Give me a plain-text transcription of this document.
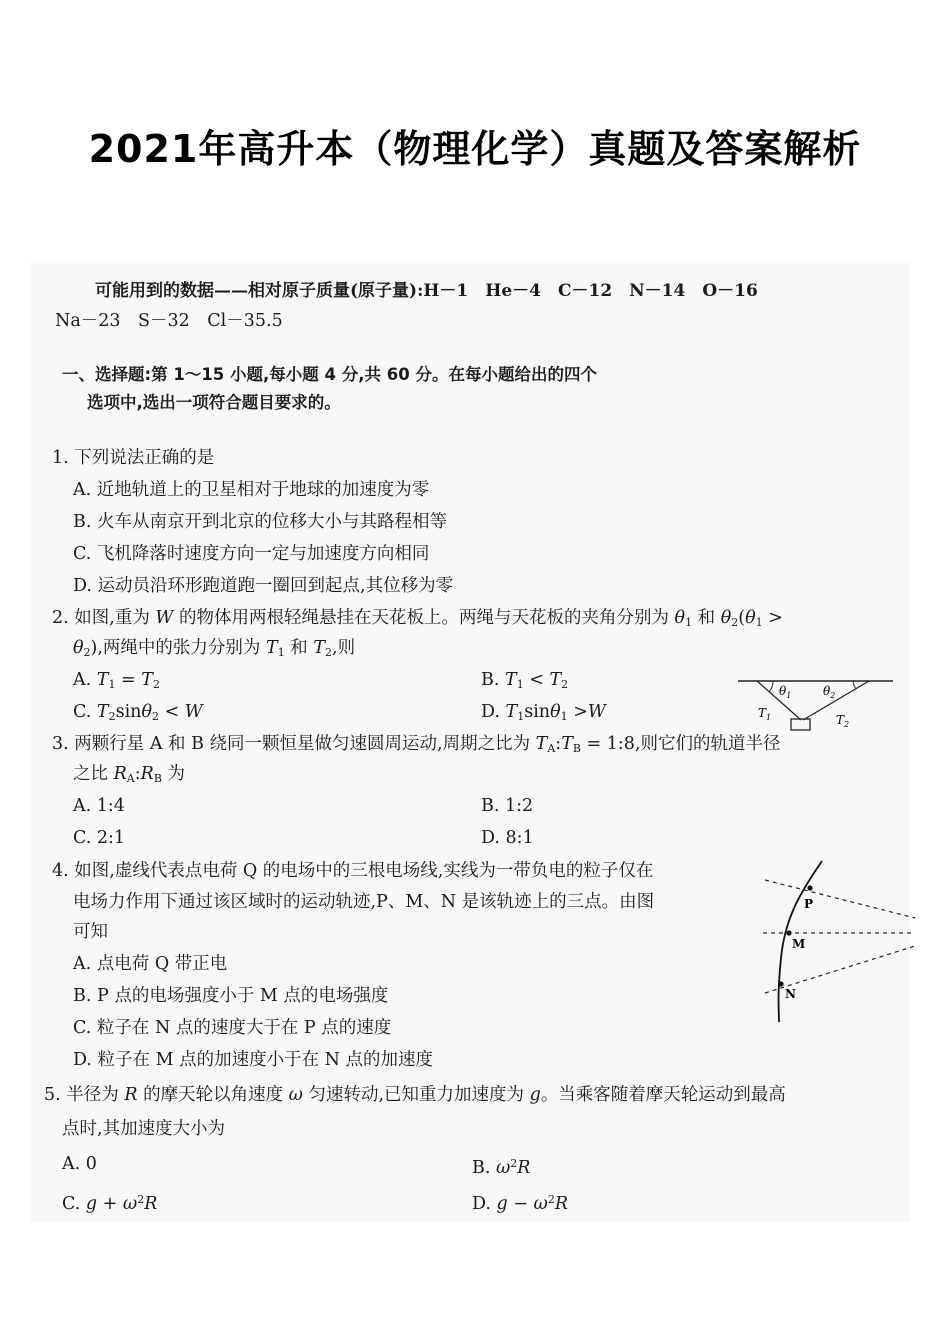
2021年高升本（物理化学）真题及答案解析
可能用到的数据——相对原子质量(原子量):H－1　He－4　C－12　N－14　O－16
Na－23　S－32　Cl－35.5
一、选择题:第 1～15 小题,每小题 4 分,共 60 分。在每小题给出的四个
选项中,选出一项符合题目要求的。
1. 下列说法正确的是
A. 近地轨道上的卫星相对于地球的加速度为零
B. 火车从南京开到北京的位移大小与其路程相等
C. 飞机降落时速度方向一定与加速度方向相同
D. 运动员沿环形跑道跑一圈回到起点,其位移为零
2. 如图,重为 W 的物体用两根轻绳悬挂在天花板上。两绳与天花板的夹角分别为 $\theta_1$ 和 $\theta_2(\theta_1$ >
$\theta_2$),两绳中的张力分别为 $T_1$ 和 $T_2$,则
A. $T_1 = T_2$	B. $T_1 < T_2$
C. $T_2\sin\theta_2 < W$	D. $T_1\sin\theta_1 >W$
$\theta_1$	$\theta_2$
$T_1$	$T_2$
3. 两颗行星 A 和 B 绕同一颗恒星做匀速圆周运动,周期之比为 $T_A:T_B$ = 1:8,则它们的轨道半径
之比 $R_A:R_B$ 为
A. 1:4	B. 1:2
C. 2:1	D. 8:1
4. 如图,虚线代表点电荷 Q 的电场中的三根电场线,实线为一带负电的粒子仅在
电场力作用下通过该区域时的运动轨迹,P、M、N 是该轨迹上的三点。由图
可知
A. 点电荷 Q 带正电
B. P 点的电场强度小于 M 点的电场强度
C. 粒子在 N 点的速度大于在 P 点的速度
D. 粒子在 M 点的加速度小于在 N 点的加速度
P
M
N
5. 半径为 R 的摩天轮以角速度 ω 匀速转动,已知重力加速度为 g。当乘客随着摩天轮运动到最高
点时,其加速度大小为
A. 0	B. $\omega^2R$
C. $g + \omega^2R$	D. $g - \omega^2R$
